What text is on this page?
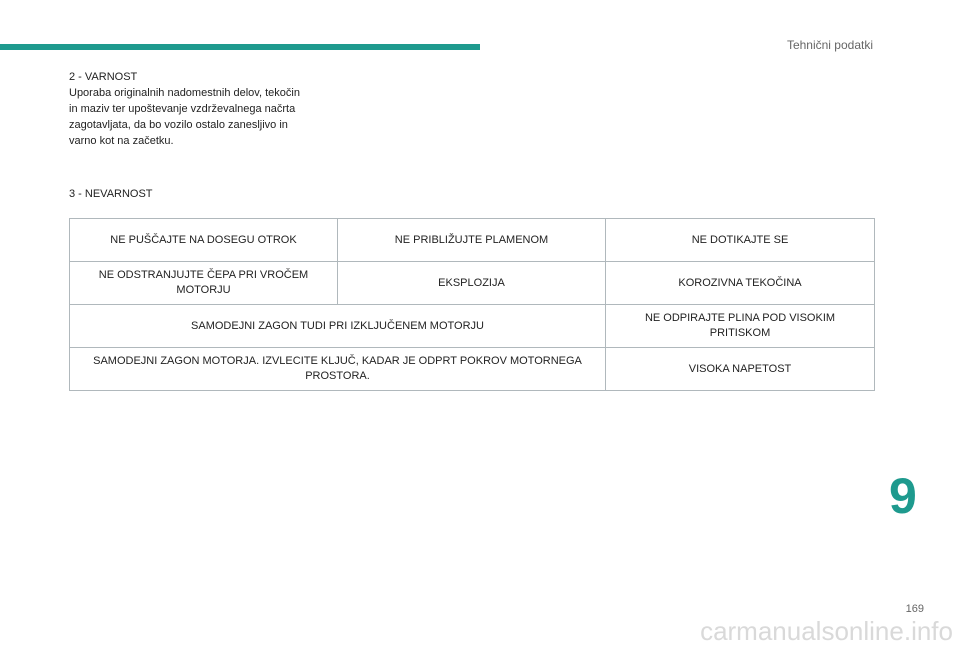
Tehnični podatki
2 - VARNOST
Uporaba originalnih nadomestnih delov, tekočin
in maziv ter upoštevanje vzdrževalnega načrta
zagotavljata, da bo vozilo ostalo zanesljivo in
varno kot na začetku.
3 - NEVARNOST
NE PUŠČAJTE NA DOSEGU OTROK	NE PRIBLIŽUJTE PLAMENOM	NE DOTIKAJTE SE
NE ODSTRANJUJTE ČEPA PRI VROČEM MOTORJU	EKSPLOZIJA	KOROZIVNA TEKOČINA
SAMODEJNI ZAGON TUDI PRI IZKLJUČENEM MOTORJU		NE ODPIRAJTE PLINA POD VISOKIM PRITISKOM
SAMODEJNI ZAGON MOTORJA. IZVLECITE KLJUČ, KADAR JE ODPRT POKROV MOTORNEGA PROSTORA.		VISOKA NAPETOST
9
169
carmanualsonline.info
